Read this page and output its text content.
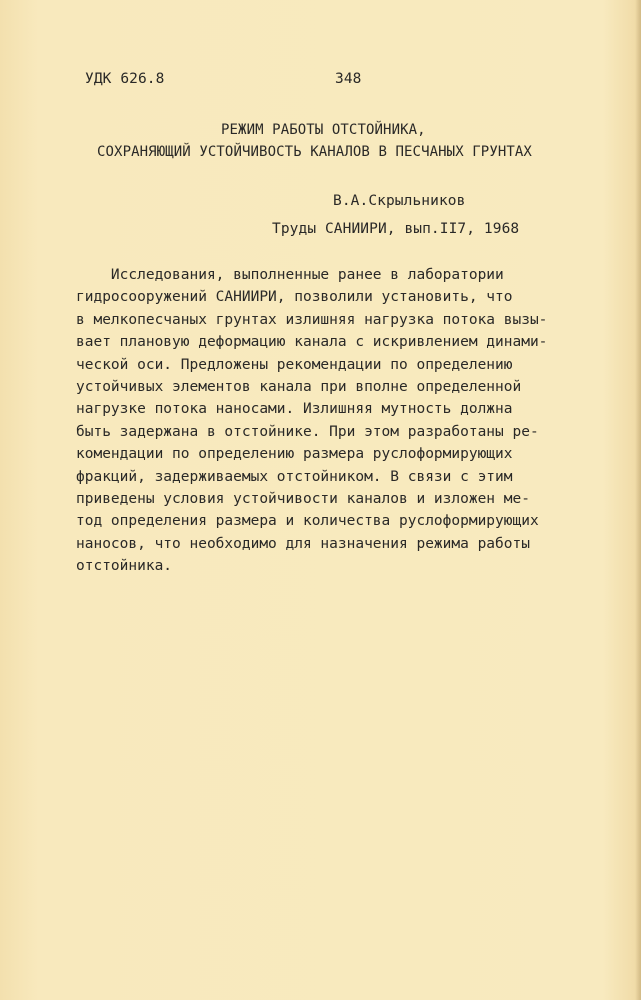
УДК 626.8	348
РЕЖИМ РАБОТЫ ОТСТОЙНИКА,
СОХРАНЯЮЩИЙ УСТОЙЧИВОСТЬ КАНАЛОВ В ПЕСЧАНЫХ ГРУНТАХ
В.А.Скрыльников
Труды САНИИРИ, вып.II7, 1968
Исследования, выполненные ранее в лаборатории
гидросооружений САНИИРИ, позволили установить, что
в мелкопесчаных грунтах излишняя нагрузка потока вызы-
вает плановую деформацию канала с искривлением динами-
ческой оси. Предложены рекомендации по определению
устойчивых элементов канала при вполне определенной
нагрузке потока наносами. Излишняя мутность должна
быть задержана в отстойнике. При этом разработаны ре-
комендации по определению размера руслоформирующих
фракций, задерживаемых отстойником. В связи с этим
приведены условия устойчивости каналов и изложен ме-
тод определения размера и количества руслоформирующих
наносов, что необходимо для назначения режима работы
отстойника.
